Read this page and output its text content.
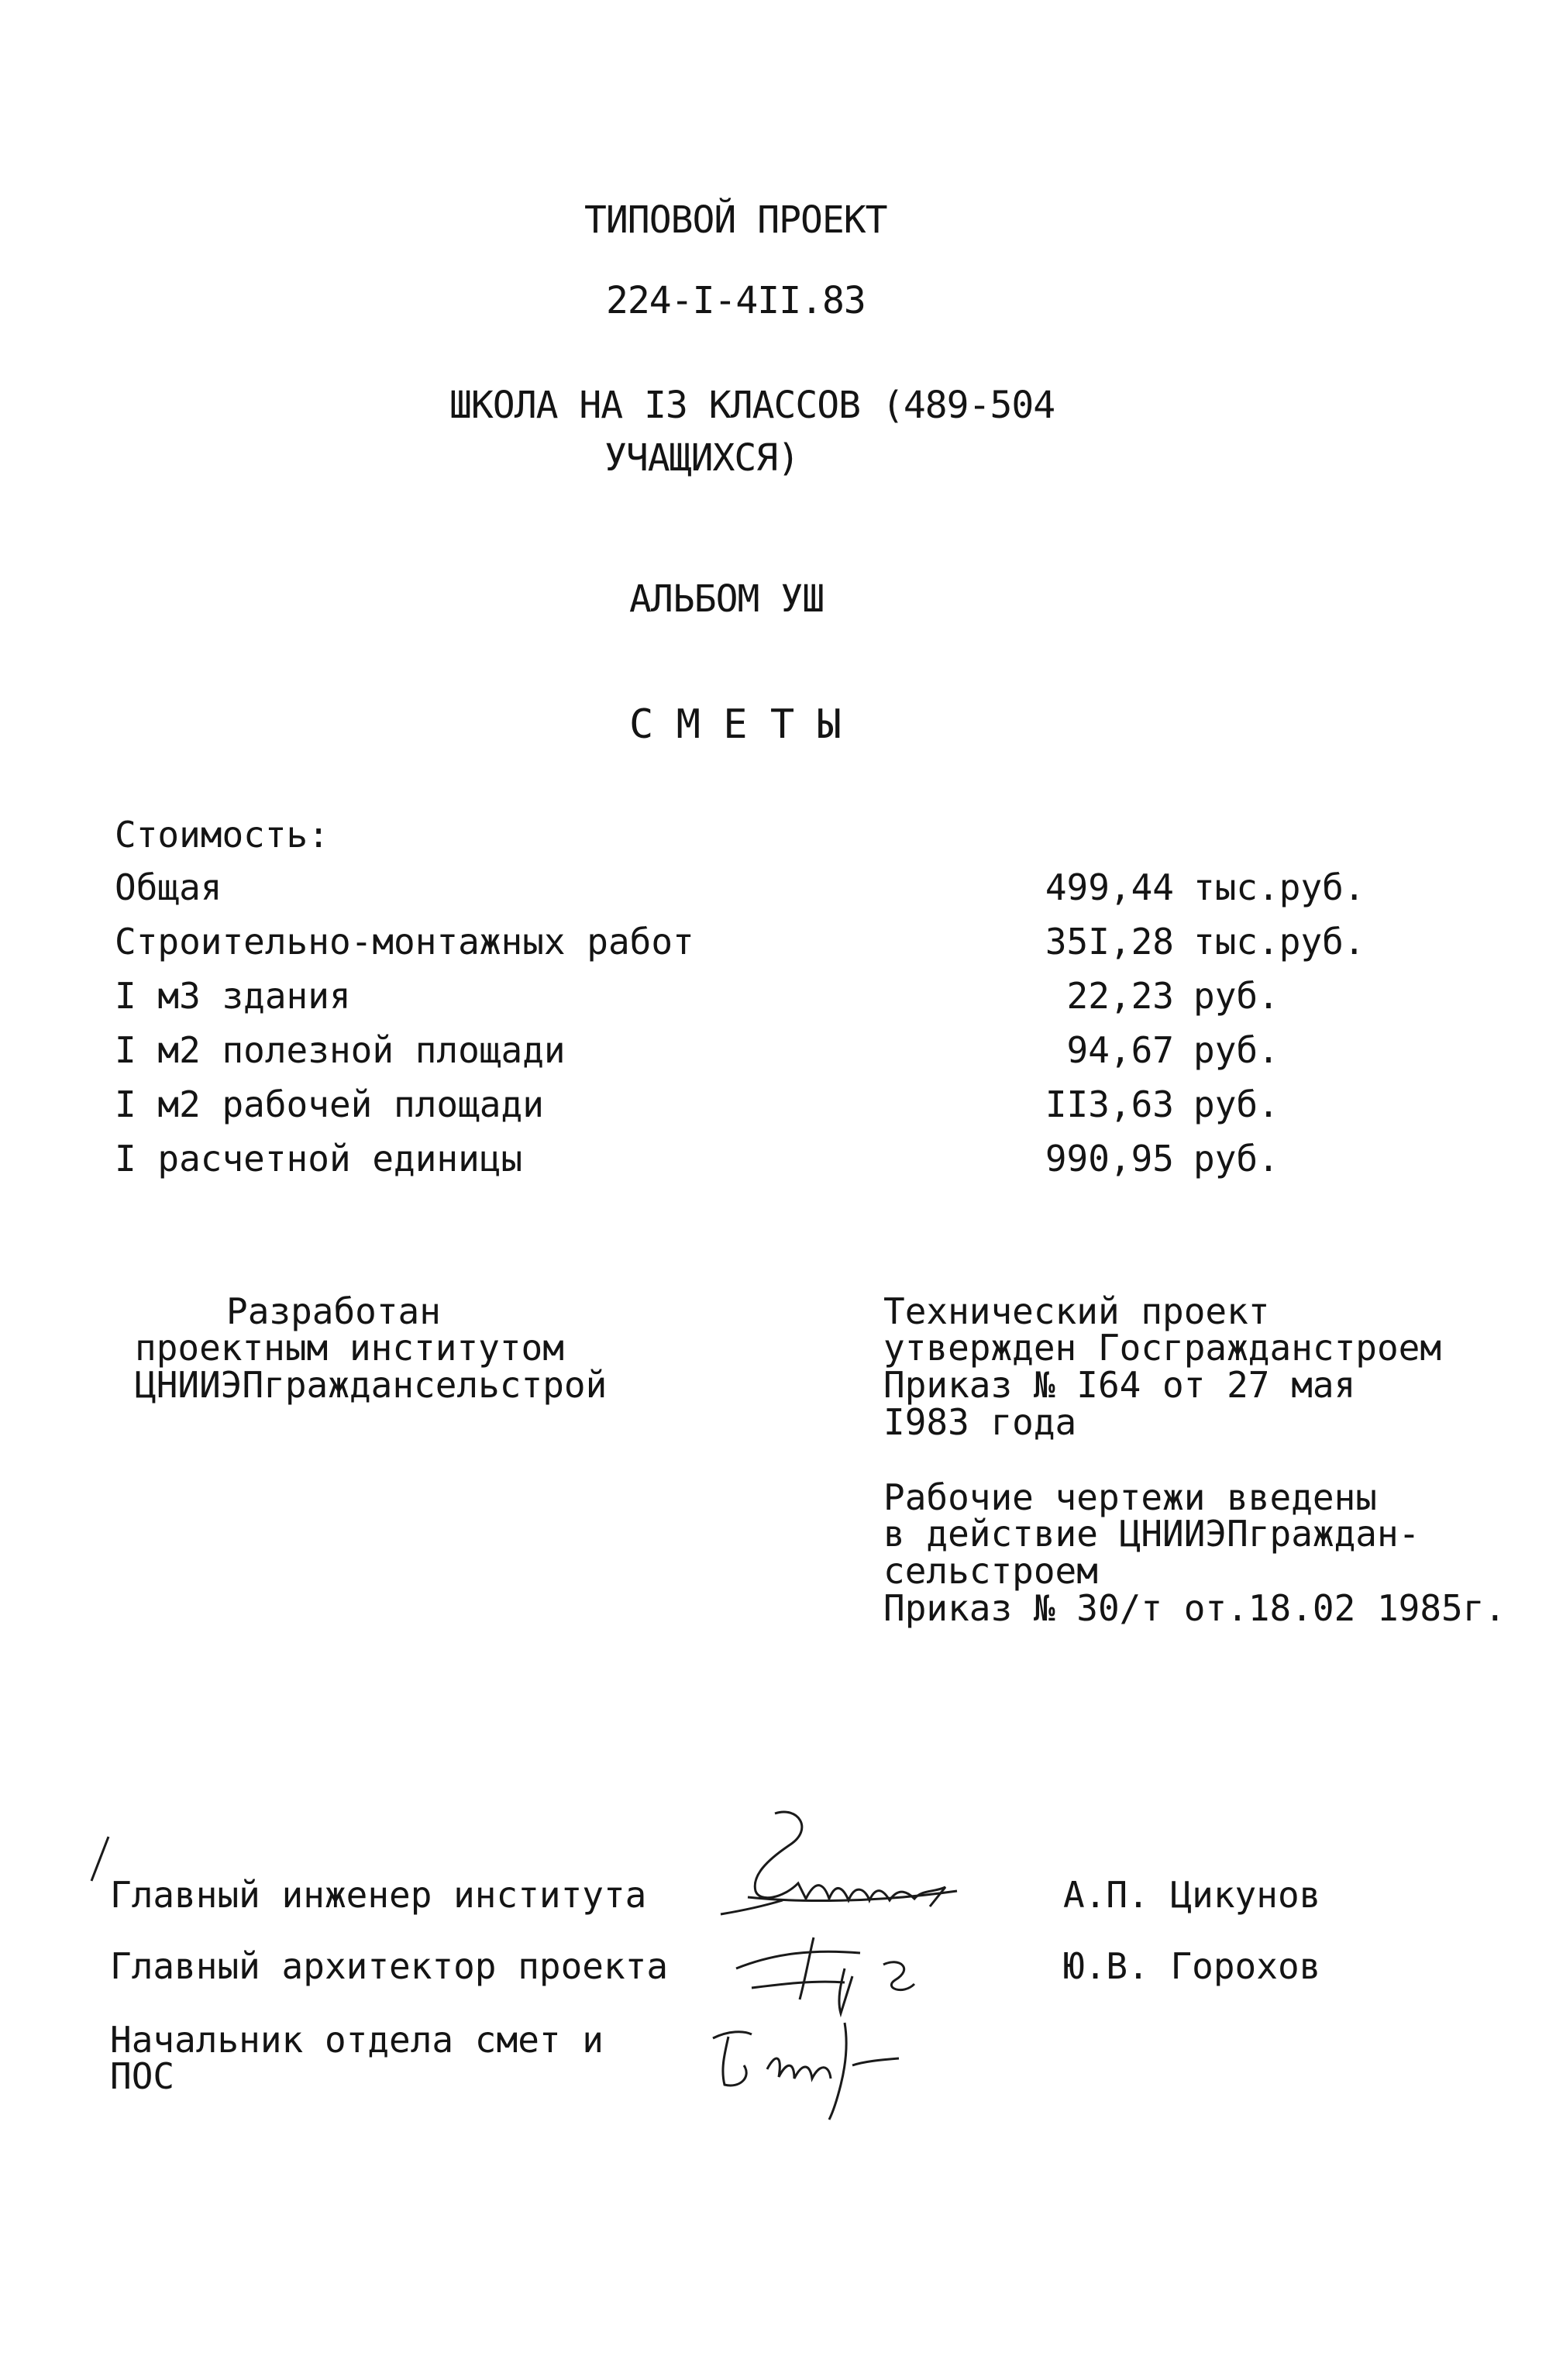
ТИПОВОЙ ПРОЕКТ
224-I-4II.83
ШКОЛА НА I3 КЛАССОВ (489-504
УЧАЩИХСЯ)
АЛЬБОМ УШ
С М Е Т Ы
Стоимость:
Общая	499,44 тыс.руб.
Строительно-монтажных работ	35I,28 тыс.руб.
I м3 здания	22,23 руб.
I м2 полезной площади	94,67 руб.
I м2 рабочей площади	II3,63 руб.
I расчетной единицы	990,95 руб.
Разработан
проектным институтом
ЦНИИЭПграждансельстрой
Технический проект
утвержден Госгражданстроем
Приказ № I64 от 27 мая
I983 года
Рабочие чертежи введены
в действие ЦНИИЭПграждан-
сельстроем
Приказ № 30/т от.18.02 1985г.
Главный инженер института	А.П. Цикунов
Главный архитектор проекта	Ю.В. Горохов
Начальник отдела смет и
ПОС
